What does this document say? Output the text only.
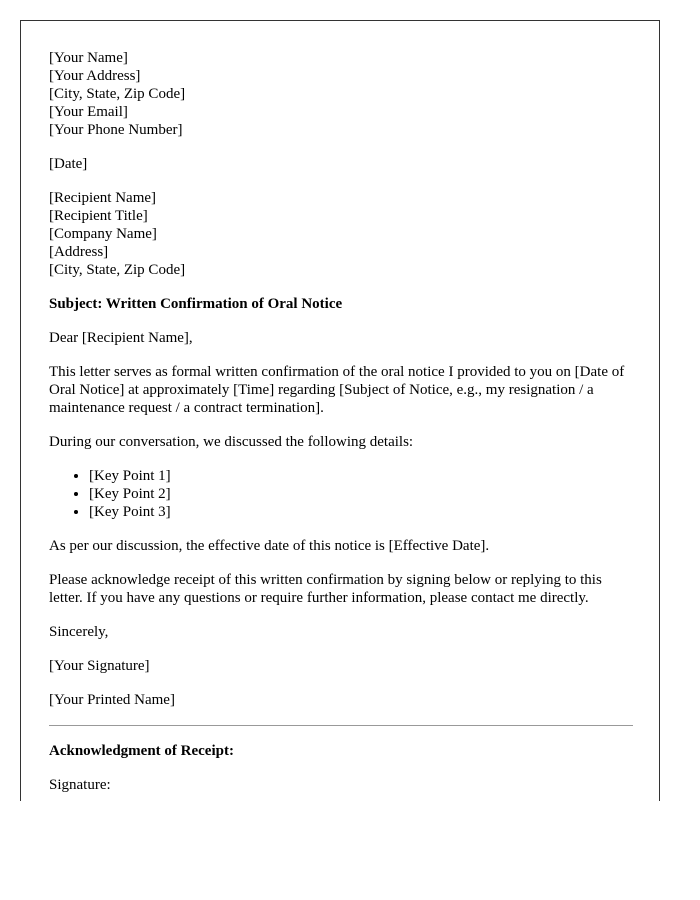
[Your Name]
[Your Address]
[City, State, Zip Code]
[Your Email]
[Your Phone Number]
[Date]
[Recipient Name]
[Recipient Title]
[Company Name]
[Address]
[City, State, Zip Code]

Subject: Written Confirmation of Oral Notice

Dear [Recipient Name],

This letter serves as formal written confirmation of the oral notice I provided to you on [Date of Oral Notice] at approximately [Time] regarding [Subject of Notice, e.g., my resignation / a maintenance request / a contract termination].

During our conversation, we discussed the following details:

• [Key Point 1]
• [Key Point 2]
• [Key Point 3]

As per our discussion, the effective date of this notice is [Effective Date].

Please acknowledge receipt of this written confirmation by signing below or replying to this letter. If you have any questions or require further information, please contact me directly.

Sincerely,

[Your Signature]

[Your Printed Name]

Acknowledgment of Receipt:

Signature:
